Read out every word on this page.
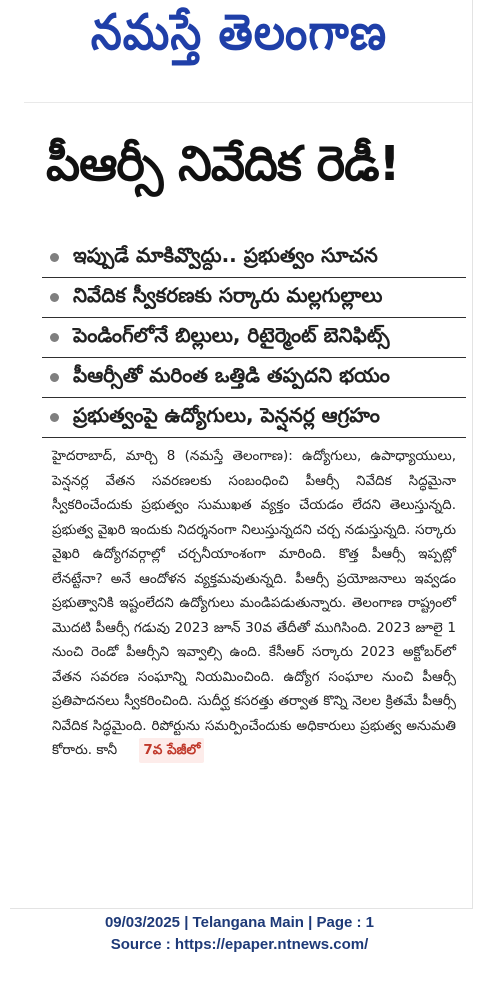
నమస్తే తెలంగాణ
పీఆర్సీ నివేదిక రెడీ!
ఇప్పుడే మాకివ్వొద్దు.. ప్రభుత్వం సూచన
నివేదిక స్వీకరణకు సర్కారు మల్లగుల్లాలు
పెండింగ్‌లోనే బిల్లులు, రిటైర్మెంట్ బెనిఫిట్స్
పీఆర్సీతో మరింత ఒత్తిడి తప్పదని భయం
ప్రభుత్వంపై ఉద్యోగులు, పెన్షనర్ల ఆగ్రహం
హైదరాబాద్, మార్చి 8 (నమస్తే తెలంగాణ): ఉద్యోగులు, ఉపాధ్యాయులు, పెన్షనర్ల వేతన సవరణలకు సంబంధించి పీఆర్సీ నివేదిక సిద్ధమైనా స్వీకరించేందుకు ప్రభుత్వం సుముఖత వ్యక్తం చేయడం లేదని తెలుస్తున్నది. ప్రభుత్వ వైఖరి ఇందుకు నిదర్శనంగా నిలుస్తున్నదని చర్చ నడుస్తున్నది. సర్కారు వైఖరి ఉద్యోగవర్గాల్లో చర్చనీయాంశంగా మారింది. కొత్త పీఆర్సీ ఇప్పట్లో లేనట్టేనా? అనే ఆందోళన వ్యక్తమవుతున్నది. పీఆర్సీ ప్రయోజనాలు ఇవ్వడం ప్రభుత్వానికి ఇష్టంలేదని ఉద్యోగులు మండిపడుతున్నారు. తెలంగాణ రాష్ట్రంలో మొదటి పీఆర్సీ గడువు 2023 జూన్ 30వ తేదీతో ముగిసింది. 2023 జూలై 1 నుంచి రెండో పీఆర్సీని ఇవ్వాల్సి ఉంది. కేసీఆర్ సర్కారు 2023 అక్టోబర్‌లో వేతన సవరణ సంఘాన్ని నియమించింది. ఉద్యోగ సంఘాల నుంచి పీఆర్సీ ప్రతిపాదనలు స్వీకరించింది. సుదీర్ఘ కసరత్తు తర్వాత కొన్ని నెలల క్రితమే పీఆర్సీ నివేదిక సిద్ధమైంది. రిపోర్టును సమర్పించేందుకు అధికారులు ప్రభుత్వ అనుమతి కోరారు. కానీ 7వ పేజీలో
09/03/2025 | Telangana Main | Page : 1
Source : https://epaper.ntnews.com/
